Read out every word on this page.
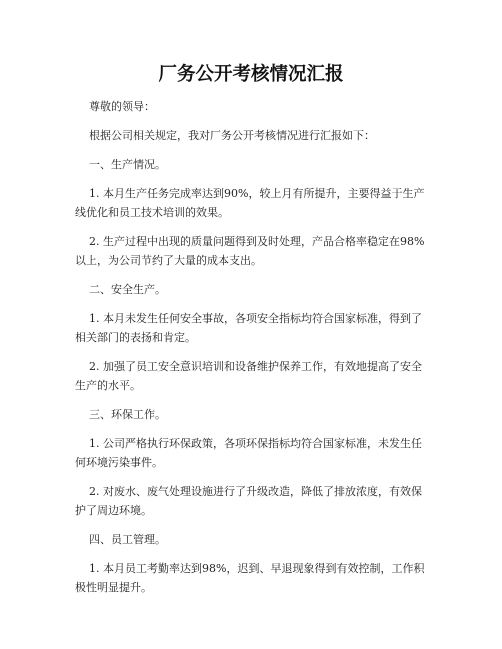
厂务公开考核情况汇报

尊敬的领导：

根据公司相关规定，我对厂务公开考核情况进行汇报如下：

一、生产情况。

1. 本月生产任务完成率达到90%，较上月有所提升，主要得益于生产线优化和员工技术培训的效果。

2. 生产过程中出现的质量问题得到及时处理，产品合格率稳定在98%以上，为公司节约了大量的成本支出。

二、安全生产。

1. 本月未发生任何安全事故，各项安全指标均符合国家标准，得到了相关部门的表扬和肯定。

2. 加强了员工安全意识培训和设备维护保养工作，有效地提高了安全生产的水平。

三、环保工作。

1. 公司严格执行环保政策，各项环保指标均符合国家标准，未发生任何环境污染事件。

2. 对废水、废气处理设施进行了升级改造，降低了排放浓度，有效保护了周边环境。

四、员工管理。

1. 本月员工考勤率达到98%，迟到、早退现象得到有效控制，工作积极性明显提升。
